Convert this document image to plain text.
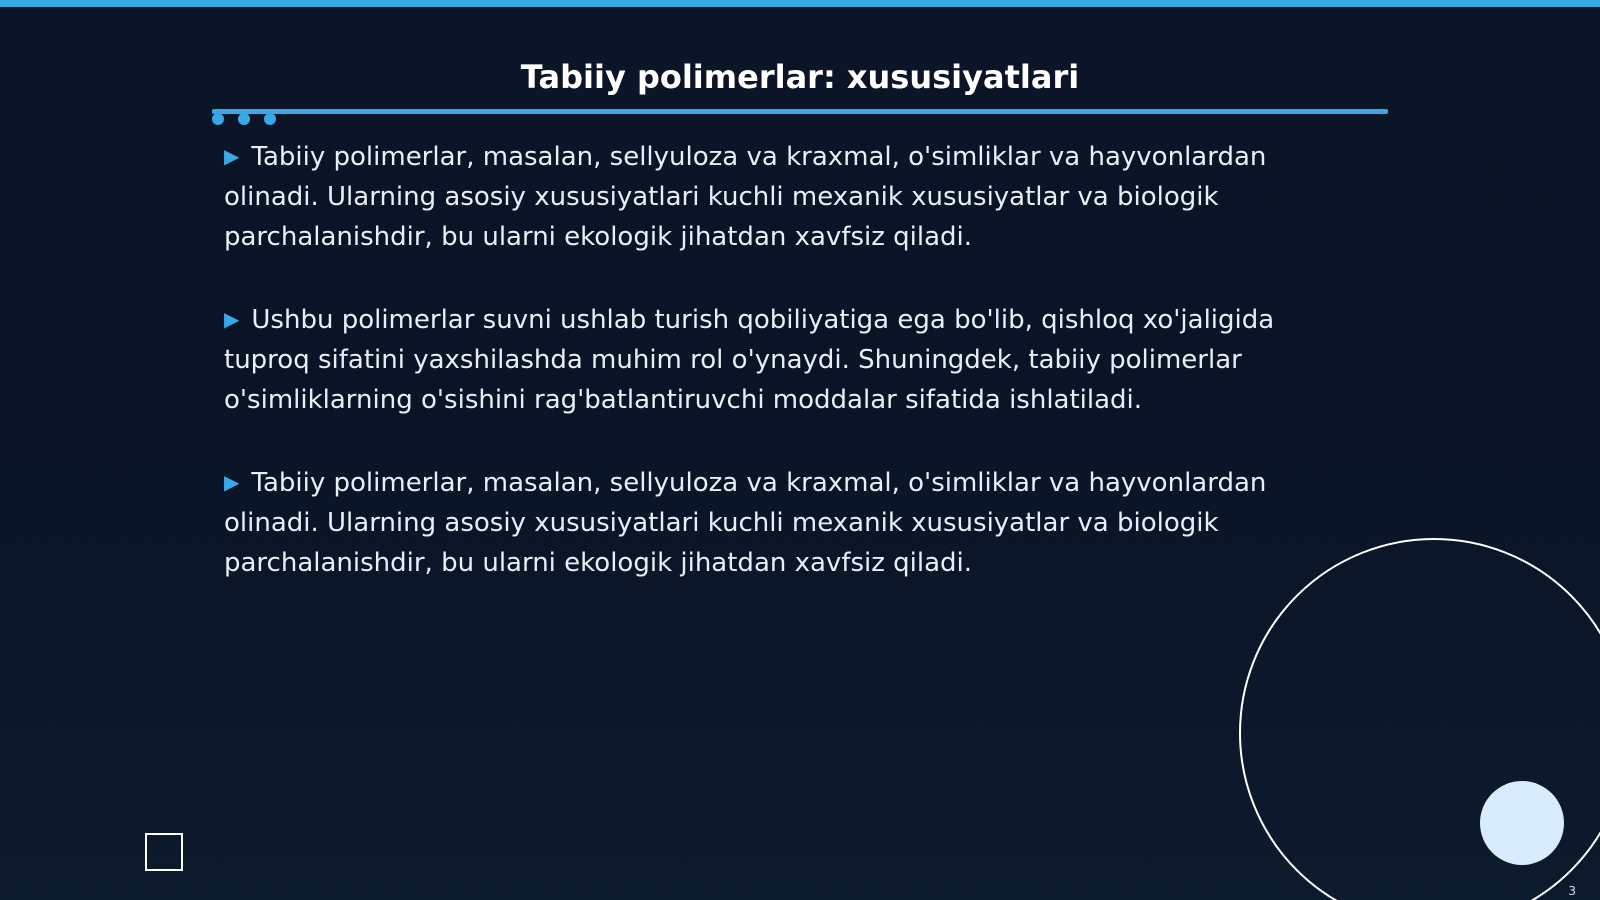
Tabiiy polimerlar: xususiyatlari
▶ Tabiiy polimerlar, masalan, sellyuloza va kraxmal, o'simliklar va hayvonlardan olinadi. Ularning asosiy xususiyatlari kuchli mexanik xususiyatlar va biologik parchalanishdir, bu ularni ekologik jihatdan xavfsiz qiladi.
▶ Ushbu polimerlar suvni ushlab turish qobiliyatiga ega bo'lib, qishloq xo'jaligida tuproq sifatini yaxshilashda muhim rol o'ynaydi. Shuningdek, tabiiy polimerlar o'simliklarning o'sishini rag'batlantiruvchi moddalar sifatida ishlatiladi.
▶ Tabiiy polimerlar, masalan, sellyuloza va kraxmal, o'simliklar va hayvonlardan olinadi. Ularning asosiy xususiyatlari kuchli mexanik xususiyatlar va biologik parchalanishdir, bu ularni ekologik jihatdan xavfsiz qiladi.
3
